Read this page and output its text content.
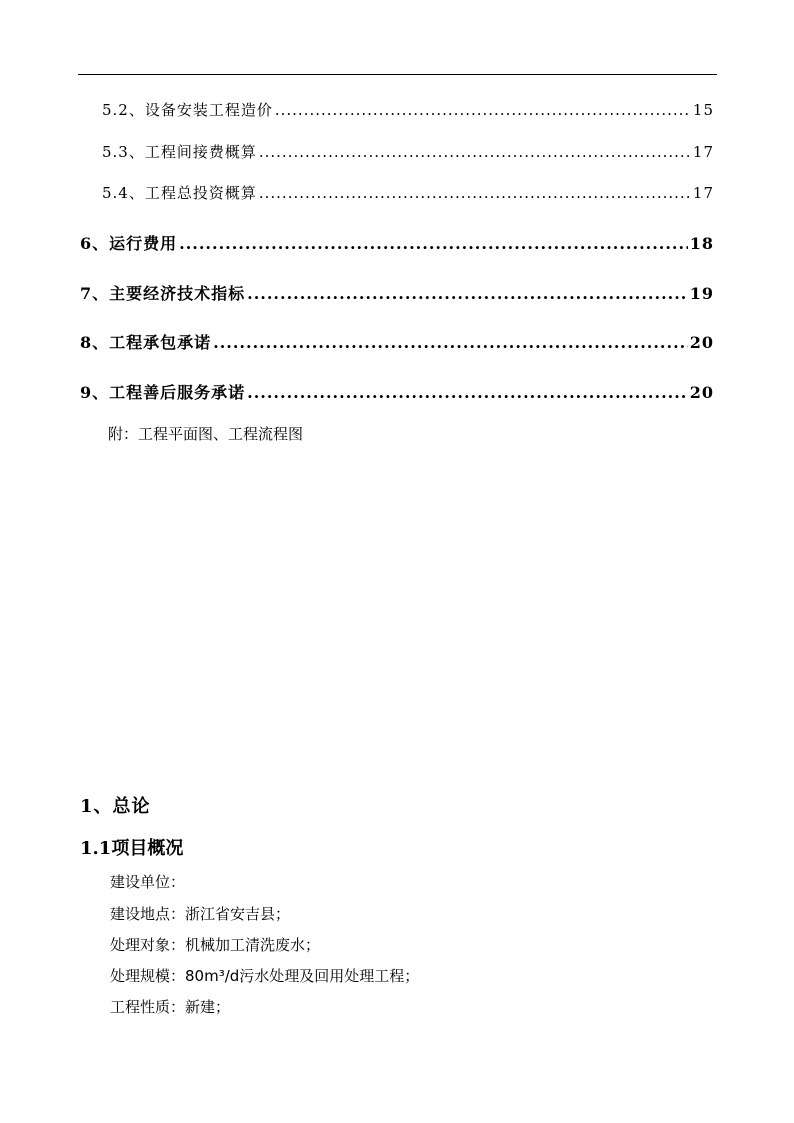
5.2、设备安装工程造价 .....	15
5.3、工程间接费概算 .....	17
5.4、工程总投资概算 .....	17
6、运行费用 .....	18
7、主要经济技术指标 .....	19
8、工程承包承诺 .....	20
9、工程善后服务承诺 .....	20
附：工程平面图、工程流程图
1、总论
1.1项目概况
建设单位：
建设地点：浙江省安吉县；
处理对象：机械加工清洗废水；
处理规模：80m³/d污水处理及回用处理工程；
工程性质：新建；
